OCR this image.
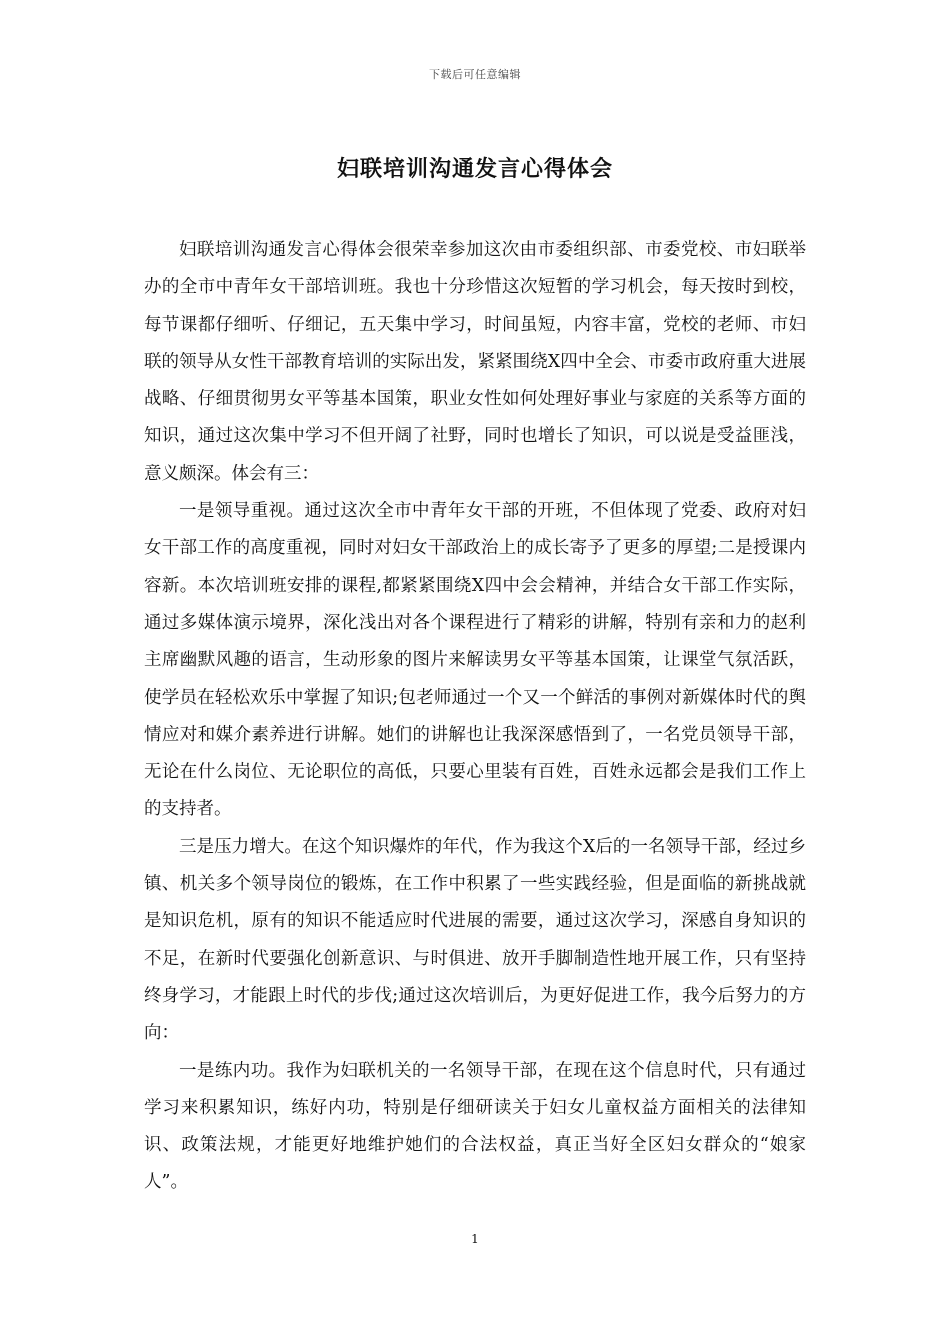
下载后可任意编辑
妇联培训沟通发言心得体会

妇联培训沟通发言心得体会很荣幸参加这次由市委组织部、市委党校、市妇联举办的全市中青年女干部培训班。我也十分珍惜这次短暂的学习机会，每天按时到校，每节课都仔细听、仔细记，五天集中学习，时间虽短，内容丰富，党校的老师、市妇联的领导从女性干部教育培训的实际出发，紧紧围绕X四中全会、市委市政府重大进展战略、仔细贯彻男女平等基本国策，职业女性如何处理好事业与家庭的关系等方面的知识，通过这次集中学习不但开阔了社野，同时也增长了知识，可以说是受益匪浅，意义颇深。体会有三：

一是领导重视。通过这次全市中青年女干部的开班，不但体现了党委、政府对妇女干部工作的高度重视，同时对妇女干部政治上的成长寄予了更多的厚望;二是授课内容新。本次培训班安排的课程,都紧紧围绕X四中会会精神，并结合女干部工作实际，通过多媒体演示境界，深化浅出对各个课程进行了精彩的讲解，特别有亲和力的赵利主席幽默风趣的语言，生动形象的图片来解读男女平等基本国策，让课堂气氛活跃，使学员在轻松欢乐中掌握了知识;包老师通过一个又一个鲜活的事例对新媒体时代的舆情应对和媒介素养进行讲解。她们的讲解也让我深深感悟到了，一名党员领导干部，无论在什么岗位、无论职位的高低，只要心里装有百姓，百姓永远都会是我们工作上的支持者。

三是压力增大。在这个知识爆炸的年代，作为我这个X后的一名领导干部，经过乡镇、机关多个领导岗位的锻炼，在工作中积累了一些实践经验，但是面临的新挑战就是知识危机，原有的知识不能适应时代进展的需要，通过这次学习，深感自身知识的不足，在新时代要强化创新意识、与时俱进、放开手脚制造性地开展工作，只有坚持终身学习，才能跟上时代的步伐;通过这次培训后，为更好促进工作，我今后努力的方向：

一是练内功。我作为妇联机关的一名领导干部，在现在这个信息时代，只有通过学习来积累知识，练好内功，特别是仔细研读关于妇女儿童权益方面相关的法律知识、政策法规，才能更好地维护她们的合法权益，真正当好全区妇女群众的“娘家人”。

1
